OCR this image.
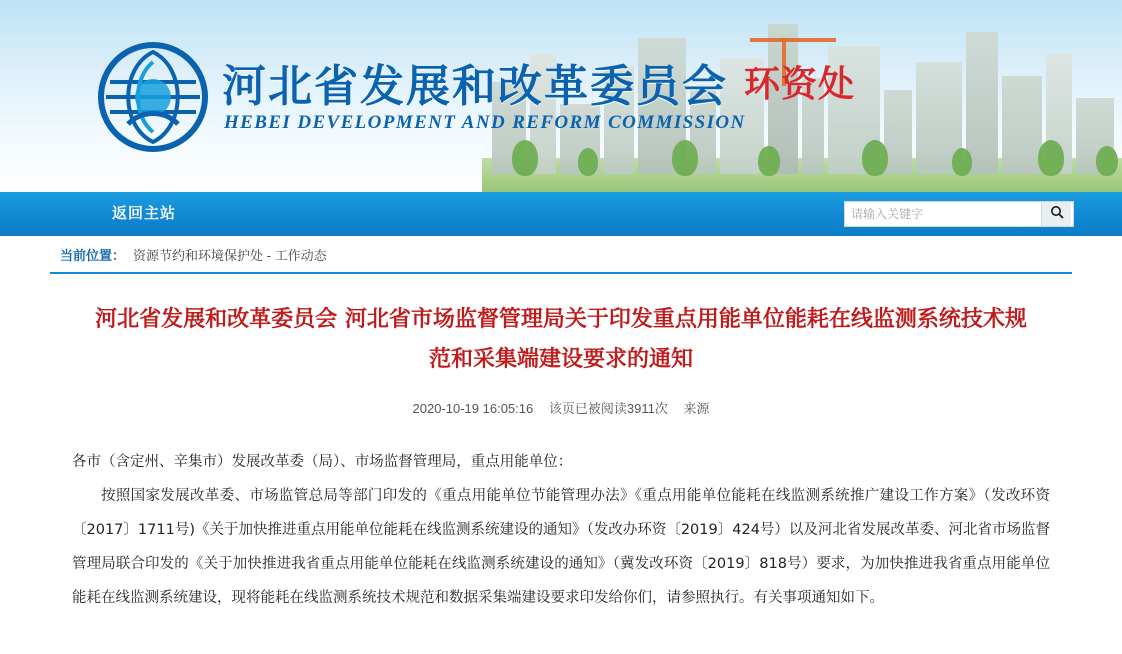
河北省发展和改革委员会 环资处
HEBEI DEVELOPMENT AND REFORM COMMISSION
返回主站
请输入关键字
当前位置： 资源节约和环境保护处 - 工作动态
河北省发展和改革委员会 河北省市场监督管理局关于印发重点用能单位能耗在线监测系统技术规范和采集端建设要求的通知
2020-10-19 16:05:16 该页已被阅读3911次 来源

各市（含定州、辛集市）发展改革委（局）、市场监督管理局，重点用能单位：

按照国家发展改革委、市场监管总局等部门印发的《重点用能单位节能管理办法》《重点用能单位能耗在线监测系统推广建设工作方案》（发改环资〔2017〕1711号)《关于加快推进重点用能单位能耗在线监测系统建设的通知》（发改办环资〔2019〕424号）以及河北省发展改革委、河北省市场监督管理局联合印发的《关于加快推进我省重点用能单位能耗在线监测系统建设的通知》（冀发改环资〔2019〕818号）要求，为加快推进我省重点用能单位能耗在线监测系统建设，现将能耗在线监测系统技术规范和数据采集端建设要求印发给你们，请参照执行。有关事项通知如下。
